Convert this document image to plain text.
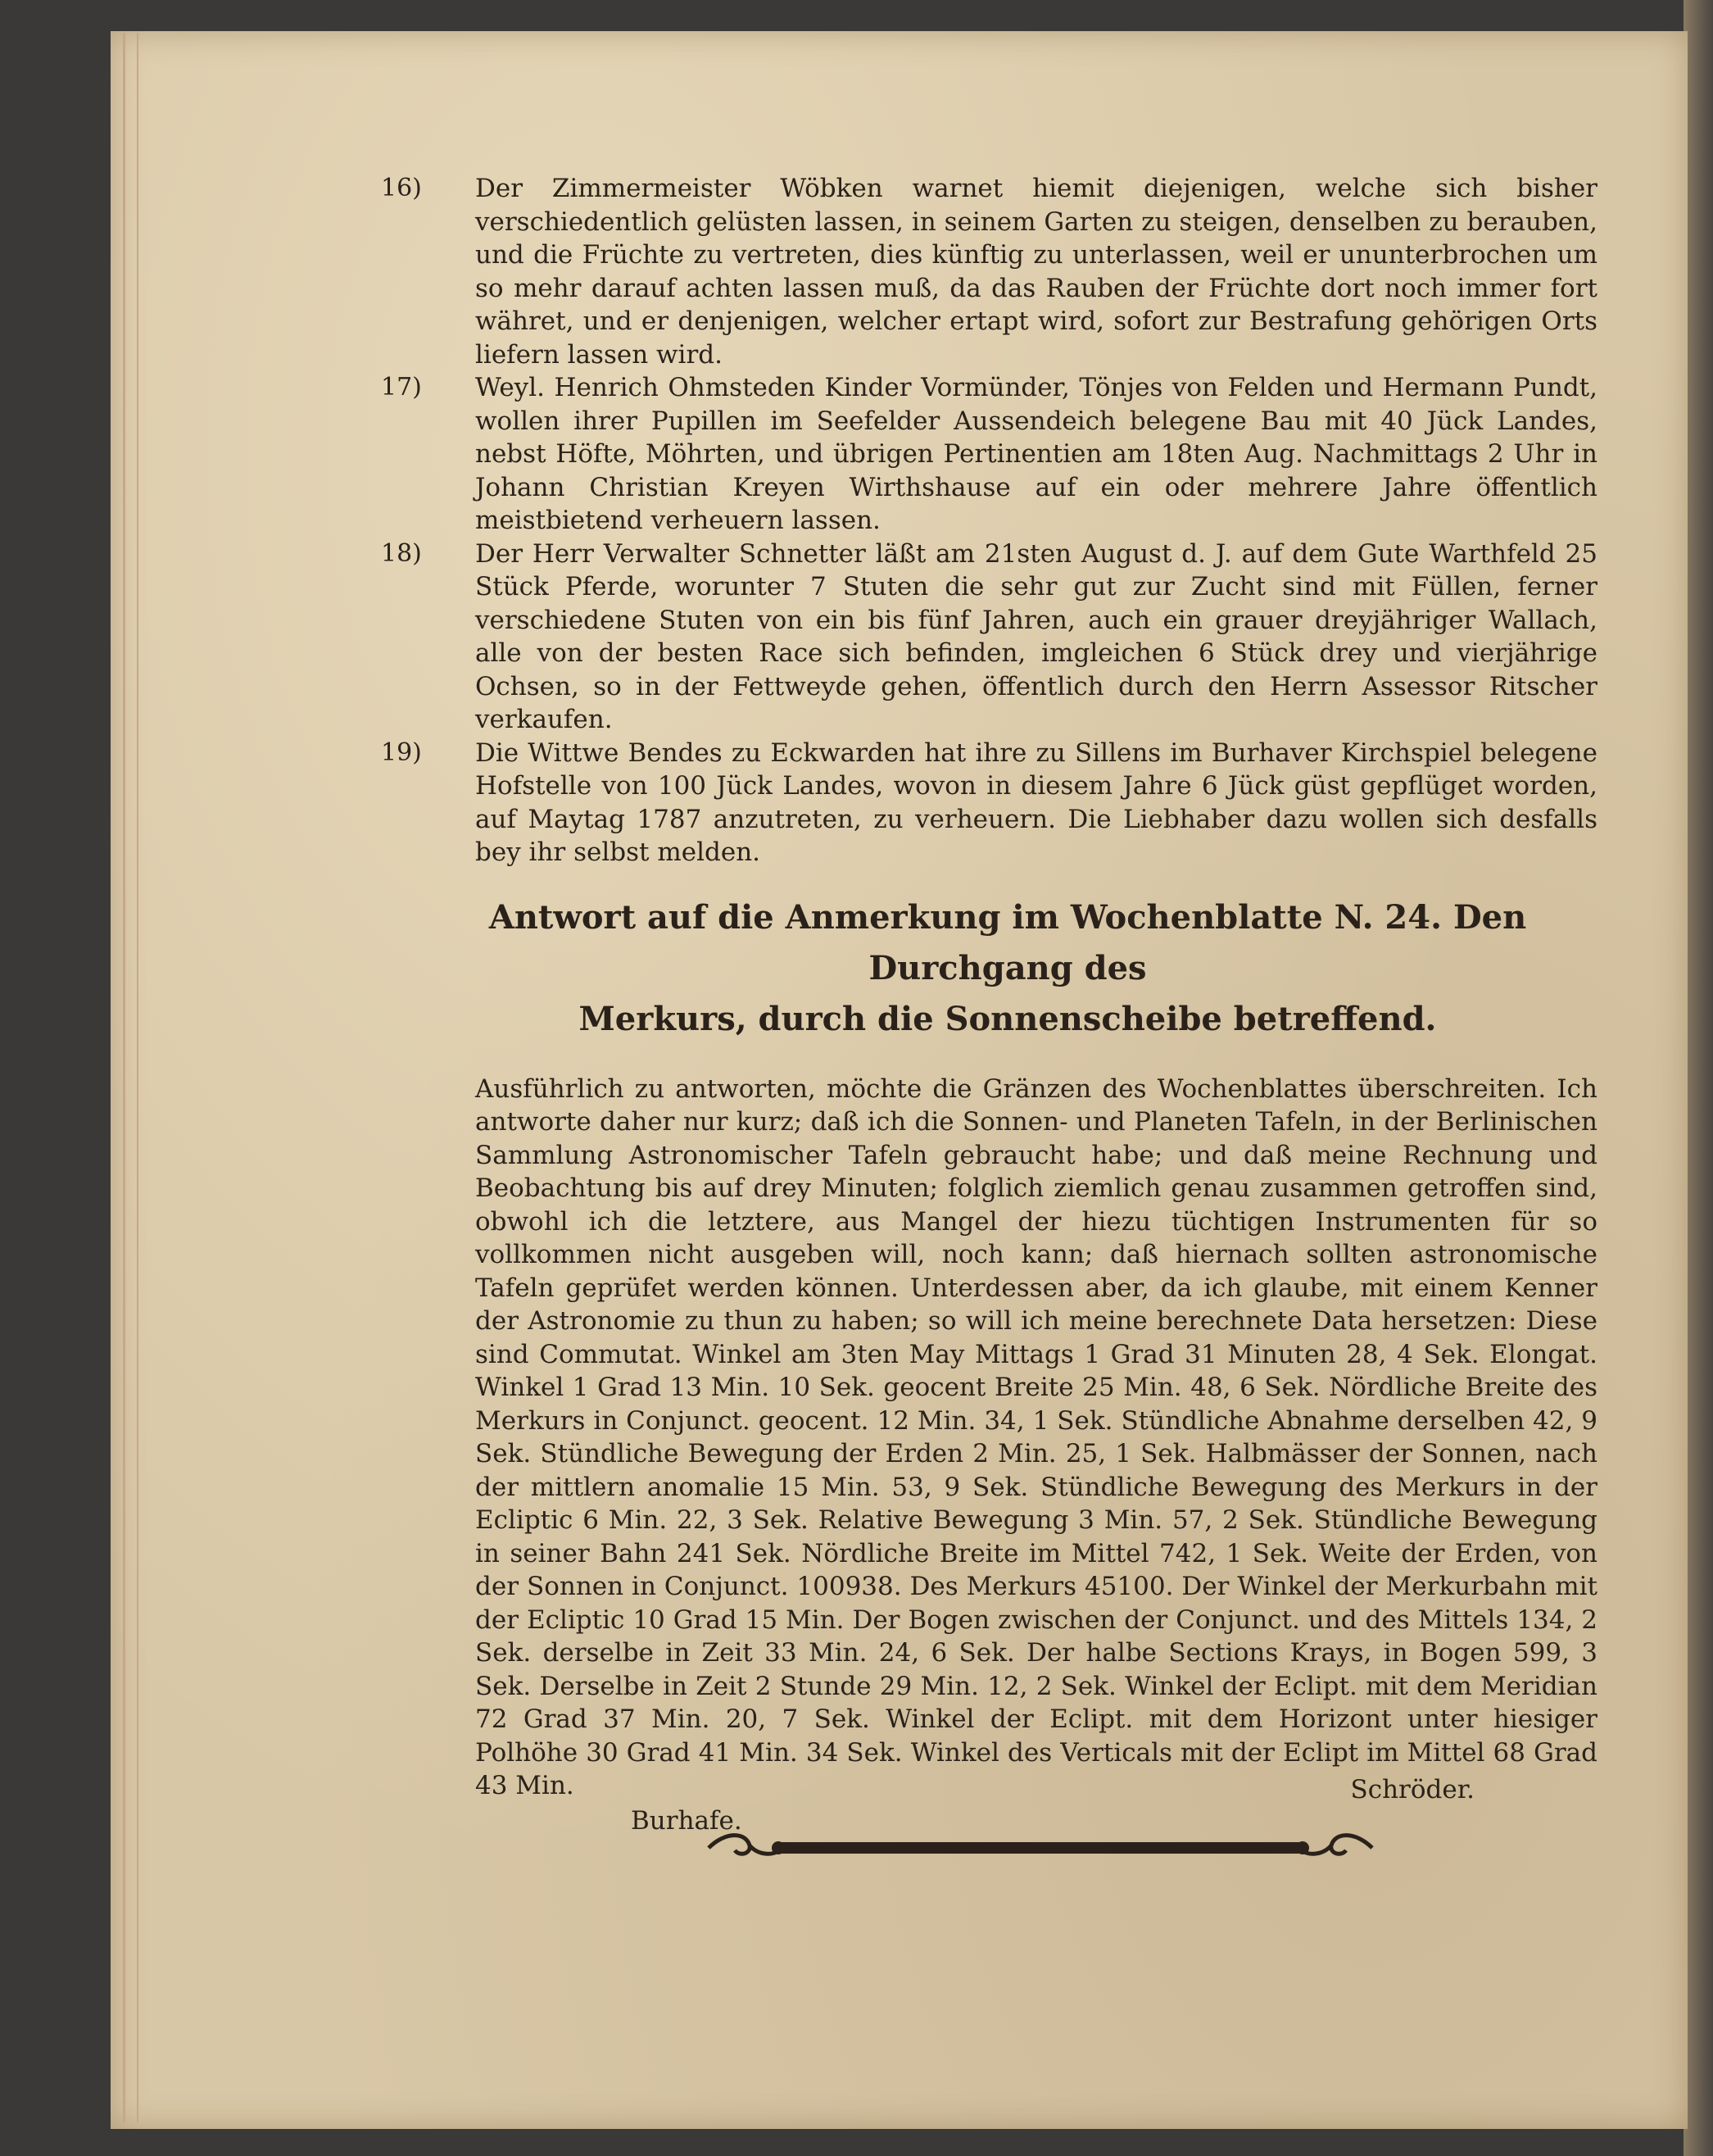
16) Der Zimmermeister Wöbken warnet hiemit diejenigen, welche sich bisher verschiedentlich gelüsten lassen, in seinem Garten zu steigen, denselben zu berauben, und die Früchte zu vertreten, dies künftig zu unterlassen, weil er ununterbrochen um so mehr darauf achten lassen muß, da das Rauben der Früchte dort noch immer fort währet, und er denjenigen, welcher ertapt wird, sofort zur Bestrafung gehörigen Orts liefern lassen wird.
17) Weyl. Henrich Ohmsteden Kinder Vormünder, Tönjes von Felden und Hermann Pundt, wollen ihrer Pupillen im Seefelder Aussendeich belegene Bau mit 40 Jück Landes, nebst Höfte, Möhrten, und übrigen Pertinentien am 18ten Aug. Nachmittags 2 Uhr in Johann Christian Kreyen Wirthshause auf ein oder mehrere Jahre öffentlich meistbietend verheuern lassen.
18) Der Herr Verwalter Schnetter läßt am 21sten August d. J. auf dem Gute Warthfeld 25 Stück Pferde, worunter 7 Stuten die sehr gut zur Zucht sind mit Füllen, ferner verschiedene Stuten von ein bis fünf Jahren, auch ein grauer dreyjähriger Wallach, alle von der besten Race sich befinden, imgleichen 6 Stück drey und vierjährige Ochsen, so in der Fettweyde gehen, öffentlich durch den Herrn Assessor Ritscher verkaufen.
19) Die Wittwe Bendes zu Eckwarden hat ihre zu Sillens im Burhaver Kirchspiel belegene Hofstelle von 100 Jück Landes, wovon in diesem Jahre 6 Jück güst gepflüget worden, auf Maytag 1787 anzutreten, zu verheuern. Die Liebhaber dazu wollen sich desfalls bey ihr selbst melden.
Antwort auf die Anmerkung im Wochenblatte N. 24. Den Durchgang des
Merkurs, durch die Sonnenscheibe betreffend.
Ausführlich zu antworten, möchte die Gränzen des Wochenblattes überschreiten. Ich antworte daher nur kurz; daß ich die Sonnen- und Planeten Tafeln, in der Berlinischen Sammlung Astronomischer Tafeln gebraucht habe; und daß meine Rechnung und Beobachtung bis auf drey Minuten; folglich ziemlich genau zusammen getroffen sind, obwohl ich die letztere, aus Mangel der hiezu tüchtigen Instrumenten für so vollkommen nicht ausgeben will, noch kann; daß hiernach sollten astronomische Tafeln geprüfet werden können. Unterdessen aber, da ich glaube, mit einem Kenner der Astronomie zu thun zu haben; so will ich meine berechnete Data hersetzen: Diese sind Commutat. Winkel am 3ten May Mittags 1 Grad 31 Minuten 28, 4 Sek. Elongat. Winkel 1 Grad 13 Min. 10 Sek. geocent Breite 25 Min. 48, 6 Sek. Nördliche Breite des Merkurs in Conjunct. geocent. 12 Min. 34, 1 Sek. Stündliche Abnahme derselben 42, 9 Sek. Stündliche Bewegung der Erden 2 Min. 25, 1 Sek. Halbmässer der Sonnen, nach der mittlern anomalie 15 Min. 53, 9 Sek. Stündliche Bewegung des Merkurs in der Ecliptic 6 Min. 22, 3 Sek. Relative Bewegung 3 Min. 57, 2 Sek. Stündliche Bewegung in seiner Bahn 241 Sek. Nördliche Breite im Mittel 742, 1 Sek. Weite der Erden, von der Sonnen in Conjunct. 100938. Des Merkurs 45100. Der Winkel der Merkurbahn mit der Ecliptic 10 Grad 15 Min. Der Bogen zwischen der Conjunct. und des Mittels 134, 2 Sek. derselbe in Zeit 33 Min. 24, 6 Sek. Der halbe Sections Krays, in Bogen 599, 3 Sek. Derselbe in Zeit 2 Stunde 29 Min. 12, 2 Sek. Winkel der Eclipt. mit dem Meridian 72 Grad 37 Min. 20, 7 Sek. Winkel der Eclipt. mit dem Horizont unter hiesiger Polhöhe 30 Grad 41 Min. 34 Sek. Winkel des Verticals mit der Eclipt im Mittel 68 Grad 43 Min.
Burhafe.
Schröder.
